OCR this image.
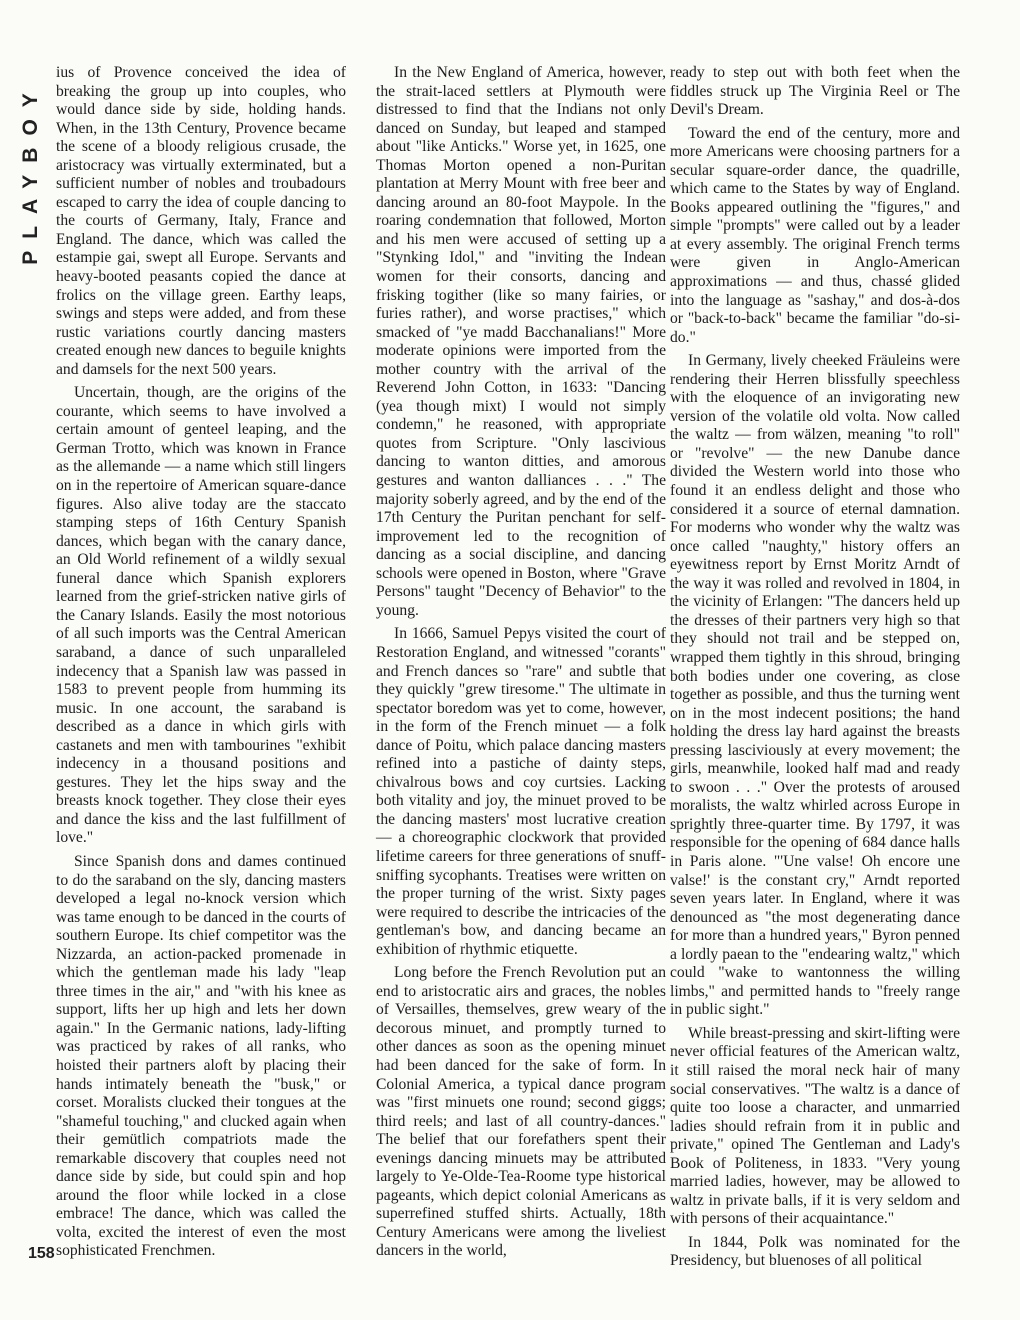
PLAYBOY

ius of Provence conceived the idea of breaking the group up into couples, who would dance side by side, holding hands. When, in the 13th Century, Provence became the scene of a bloody religious crusade, the aristocracy was virtually exterminated, but a sufficient number of nobles and troubadours escaped to carry the idea of couple dancing to the courts of Germany, Italy, France and England. The dance, which was called the estampie gai, swept all Europe. Servants and heavy-booted peasants copied the dance at frolics on the village green. Earthy leaps, swings and steps were added, and from these rustic variations courtly dancing masters created enough new dances to beguile knights and damsels for the next 500 years.

Uncertain, though, are the origins of the courante, which seems to have involved a certain amount of genteel leaping, and the German Trotto, which was known in France as the allemande — a name which still lingers on in the repertoire of American square-dance figures. Also alive today are the staccato stamping steps of 16th Century Spanish dances, which began with the canary dance, an Old World refinement of a wildly sexual funeral dance which Spanish explorers learned from the grief-stricken native girls of the Canary Islands. Easily the most notorious of all such imports was the Central American saraband, a dance of such unparalleled indecency that a Spanish law was passed in 1583 to prevent people from humming its music. In one account, the saraband is described as a dance in which girls with castanets and men with tambourines "exhibit indecency in a thousand positions and gestures. They let the hips sway and the breasts knock together. They close their eyes and dance the kiss and the last fulfillment of love."

Since Spanish dons and dames continued to do the saraband on the sly, dancing masters developed a legal no-knock version which was tame enough to be danced in the courts of southern Europe. Its chief competitor was the Nizzarda, an action-packed promenade in which the gentleman made his lady "leap three times in the air," and "with his knee as support, lifts her up high and lets her down again." In the Germanic nations, lady-lifting was practiced by rakes of all ranks, who hoisted their partners aloft by placing their hands intimately beneath the "busk," or corset. Moralists clucked their tongues at the "shameful touching," and clucked again when their gemütlich compatriots made the remarkable discovery that couples need not dance side by side, but could spin and hop around the floor while locked in a close embrace! The dance, which was called the volta, excited the interest of even the most sophisticated Frenchmen.

In the New England of America, however, the strait-laced settlers at Plymouth were distressed to find that the Indians not only danced on Sunday, but leaped and stamped about "like Anticks." Worse yet, in 1625, one Thomas Morton opened a non-Puritan plantation at Merry Mount with free beer and dancing around an 80-foot Maypole. In the roaring condemnation that followed, Morton and his men were accused of setting up a "Stynking Idol," and "inviting the Indean women for their consorts, dancing and frisking togither (like so many fairies, or furies rather), and worse practises," which smacked of "ye madd Bacchanalians!" More moderate opinions were imported from the mother country with the arrival of the Reverend John Cotton, in 1633: "Dancing (yea though mixt) I would not simply condemn," he reasoned, with appropriate quotes from Scripture. "Only lascivious dancing to wanton ditties, and amorous gestures and wanton dalliances . . ." The majority soberly agreed, and by the end of the 17th Century the Puritan penchant for self-improvement led to the recognition of dancing as a social discipline, and dancing schools were opened in Boston, where "Grave Persons" taught "Decency of Behavior" to the young.

In 1666, Samuel Pepys visited the court of Restoration England, and witnessed "corants" and French dances so "rare" and subtle that they quickly "grew tiresome." The ultimate in spectator boredom was yet to come, however, in the form of the French minuet — a folk dance of Poitu, which palace dancing masters refined into a pastiche of dainty steps, chivalrous bows and coy curtsies. Lacking both vitality and joy, the minuet proved to be the dancing masters' most lucrative creation — a choreographic clockwork that provided lifetime careers for three generations of snuff-sniffing sycophants. Treatises were written on the proper turning of the wrist. Sixty pages were required to describe the intricacies of the gentleman's bow, and dancing became an exhibition of rhythmic etiquette.

Long before the French Revolution put an end to aristocratic airs and graces, the nobles of Versailles, themselves, grew weary of the decorous minuet, and promptly turned to other dances as soon as the opening minuet had been danced for the sake of form. In Colonial America, a typical dance program was "first minuets one round; second giggs; third reels; and last of all country-dances." The belief that our forefathers spent their evenings dancing minuets may be attributed largely to Ye-Olde-Tea-Roome type historical pageants, which depict colonial Americans as superrefined stuffed shirts. Actually, 18th Century Americans were among the liveliest dancers in the world,

ready to step out with both feet when the fiddles struck up The Virginia Reel or The Devil's Dream.

Toward the end of the century, more and more Americans were choosing partners for a secular square-order dance, the quadrille, which came to the States by way of England. Books appeared outlining the "figures," and simple "prompts" were called out by a leader at every assembly. The original French terms were given in Anglo-American approximations — and thus, chassé glided into the language as "sashay," and dos-à-dos or "back-to-back" became the familiar "do-si-do."

In Germany, lively cheeked Fräuleins were rendering their Herren blissfully speechless with the eloquence of an invigorating new version of the volatile old volta. Now called the waltz — from wälzen, meaning "to roll" or "revolve" — the new Danube dance divided the Western world into those who found it an endless delight and those who considered it a source of eternal damnation. For moderns who wonder why the waltz was once called "naughty," history offers an eyewitness report by Ernst Moritz Arndt of the way it was rolled and revolved in 1804, in the vicinity of Erlangen: "The dancers held up the dresses of their partners very high so that they should not trail and be stepped on, wrapped them tightly in this shroud, bringing both bodies under one covering, as close together as possible, and thus the turning went on in the most indecent positions; the hand holding the dress lay hard against the breasts pressing lasciviously at every movement; the girls, meanwhile, looked half mad and ready to swoon . . ." Over the protests of aroused moralists, the waltz whirled across Europe in sprightly three-quarter time. By 1797, it was responsible for the opening of 684 dance halls in Paris alone. "'Une valse! Oh encore une valse!' is the constant cry," Arndt reported seven years later. In England, where it was denounced as "the most degenerating dance for more than a hundred years," Byron penned a lordly paean to the "endearing waltz," which could "wake to wantonness the willing limbs," and permitted hands to "freely range in public sight."

While breast-pressing and skirt-lifting were never official features of the American waltz, it still raised the moral neck hair of many social conservatives. "The waltz is a dance of quite too loose a character, and unmarried ladies should refrain from it in public and private," opined The Gentleman and Lady's Book of Politeness, in 1833. "Very young married ladies, however, may be allowed to waltz in private balls, if it is very seldom and with persons of their acquaintance."

In 1844, Polk was nominated for the Presidency, but bluenoses of all political

158
